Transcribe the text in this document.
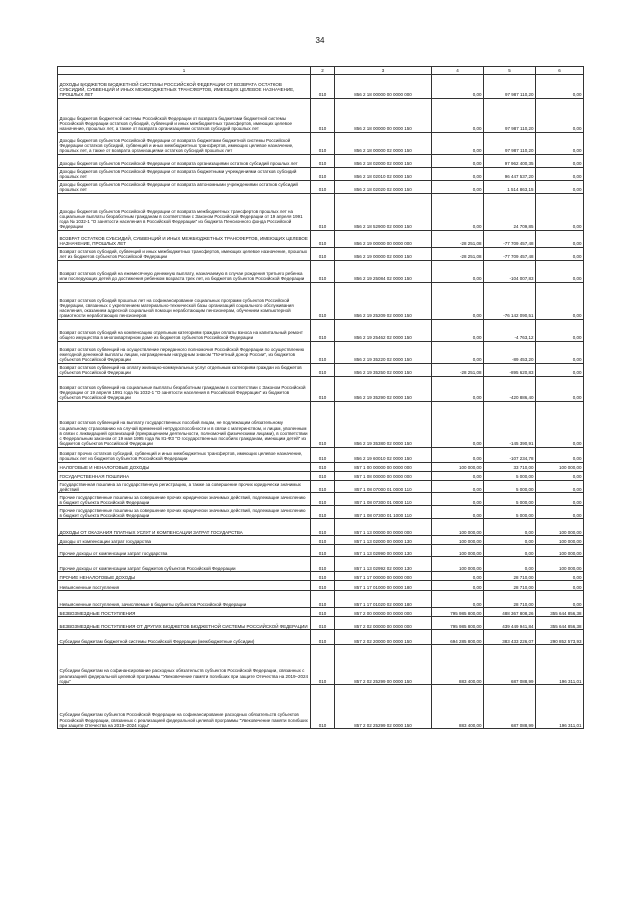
34
1	2	3	4	5	6
ДОХОДЫ БЮДЖЕТОВ БЮДЖЕТНОЙ СИСТЕМЫ РОССИЙСКОЙ ФЕДЕРАЦИИ ОТ ВОЗВРАТА ОСТАТКОВ СУБСИДИЙ, СУБВЕНЦИЙ И ИНЫХ МЕЖБЮДЖЕТНЫХ ТРАНСФЕРТОВ, ИМЕЮЩИХ ЦЕЛЕВОЕ НАЗНАЧЕНИЕ, ПРОШЛЫХ ЛЕТ	010	856 2 18 00000 00 0000 000	0,00	97 987 110,20	0,00
Доходы бюджетов бюджетной системы Российской Федерации от возврата бюджетами бюджетной системы Российской Федерации остатков субсидий, субвенций и иных межбюджетных трансфертов, имеющих целевое назначение, прошлых лет, а также от возврата организациями остатков субсидий прошлых лет	010	856 2 18 00000 00 0000 150	0,00	97 987 110,20	0,00
Доходы бюджетов субъектов Российской Федерации от возврата бюджетами бюджетной системы Российской Федерации остатков субсидий, субвенций и иных межбюджетных трансфертов, имеющих целевое назначение, прошлых лет, а также от возврата организациями остатков субсидий прошлых лет	010	856 2 18 00000 02 0000 150	0,00	97 987 110,20	0,00
Доходы бюджетов субъектов Российской Федерации от возврата организациями остатков субсидий прошлых лет	010	856 2 18 02000 02 0000 150	0,00	97 962 400,35	0,00
Доходы бюджетов субъектов Российской Федерации от возврата бюджетными учреждениями остатков субсидий прошлых лет	010	856 2 18 02010 02 0000 150	0,00	96 447 537,20	0,00
Доходы бюджетов субъектов Российской Федерации от возврата автономными учреждениями остатков субсидий прошлых лет	010	856 2 18 02020 02 0000 150	0,00	1 514 863,15	0,00
Доходы бюджетов субъектов Российской Федерации от возврата межбюджетных трансфертов прошлых лет на социальные выплаты безработным гражданам в соответствии с Законом Российской Федерации от 19 апреля 1991 года № 1032-1 "О занятости населения в Российской Федерации" из бюджета Пенсионного фонда Российской Федерации	010	856 2 18 52900 02 0000 150	0,00	24 709,85	0,00
ВОЗВРАТ ОСТАТКОВ СУБСИДИЙ, СУБВЕНЦИЙ И ИНЫХ МЕЖБЮДЖЕТНЫХ ТРАНСФЕРТОВ, ИМЕЮЩИХ ЦЕЛЕВОЕ НАЗНАЧЕНИЕ, ПРОШЛЫХ ЛЕТ	010	856 2 19 00000 00 0000 000	-28 251,08	-77 709 457,48	0,00
Возврат остатков субсидий, субвенций и иных межбюджетных трансфертов, имеющих целевое назначение, прошлых лет из бюджетов субъектов Российской Федерации	010	856 2 19 00000 02 0000 150	-28 251,08	-77 709 457,48	0,00
Возврат остатков субсидий на ежемесячную денежную выплату, назначаемую в случае рождения третьего ребенка или последующих детей до достижения ребенком возраста трех лет, из бюджетов субъектов Российской Федерации	010	856 2 19 25084 02 0000 150	0,00	-104 007,83	0,00
Возврат остатков субсидий прошлых лет на софинансирование социальных программ субъектов Российской Федерации, связанных с укреплением материально-технической базы организаций социального обслуживания населения, оказанием адресной социальной помощи неработающим пенсионерам, обучением компьютерной грамотности неработающих пенсионеров	010	856 2 19 25209 02 0000 150	0,00	-76 142 090,51	0,00
Возврат остатков субсидий на компенсацию отдельным категориям граждан оплаты взноса на капитальный ремонт общего имущества в многоквартирном доме из бюджетов субъектов Российской Федерации	010	856 2 19 25462 02 0000 150	0,00	-4 763,12	0,00
Возврат остатков субвенций на осуществление переданного полномочия Российской Федерации по осуществлению ежегодной денежной выплаты лицам, награжденным нагрудным знаком "Почетный донор России", из бюджетов субъектов Российской Федерации	010	856 2 19 35220 02 0000 150	0,00	-89 453,20	0,00
Возврат остатков субвенций на оплату жилищно-коммунальных услуг отдельным категориям граждан из бюджетов субъектов Российской Федерации	010	856 2 19 35250 02 0000 150	-28 251,08	-895 620,83	0,00
Возврат остатков субвенций на социальные выплаты безработным гражданам в соответствии с Законом Российской Федерации от 19 апреля 1991 года № 1032-1 "О занятости населения в Российской Федерации" из бюджетов субъектов Российской Федерации	010	856 2 19 35290 02 0000 150	0,00	-420 886,40	0,00
Возврат остатков субвенций на выплату государственных пособий лицам, не подлежащим обязательному социальному страхованию на случай временной нетрудоспособности и в связи с материнством, и лицам, уволенным в связи с ликвидацией организаций (прекращением деятельности, полномочий физическими лицами), в соответствии с Федеральным законом от 19 мая 1995 года № 81-ФЗ "О государственных пособиях гражданам, имеющим детей" из бюджетов субъектов Российской Федерации	010	856 2 19 35380 02 0000 150	0,00	-145 390,91	0,00
Возврат прочих остатков субсидий, субвенций и иных межбюджетных трансфертов, имеющих целевое назначение, прошлых лет из бюджетов субъектов Российской Федерации	010	856 2 19 60010 02 0000 150	0,00	-107 234,78	0,00
НАЛОГОВЫЕ И НЕНАЛОГОВЫЕ ДОХОДЫ	010	857 1 00 00000 00 0000 000	100 000,00	33 710,00	100 000,00
ГОСУДАРСТВЕННАЯ ПОШЛИНА	010	857 1 08 00000 00 0000 000	0,00	5 000,00	0,00
Государственная пошлина за государственную регистрацию, а также за совершение прочих юридически значимых действий	010	857 1 08 07000 01 0000 110	0,00	5 000,00	0,00
Прочие государственные пошлины за совершение прочих юридически значимых действий, подлежащие зачислению в бюджет субъекта Российской Федерации	010	857 1 08 07300 01 0000 110	0,00	5 000,00	0,00
Прочие государственные пошлины за совершение прочих юридически значимых действий, подлежащие зачислению в бюджет субъекта Российской Федерации	010	857 1 08 07300 01 1000 110	0,00	5 000,00	0,00
ДОХОДЫ ОТ ОКАЗАНИЯ ПЛАТНЫХ УСЛУГ И КОМПЕНСАЦИИ ЗАТРАТ ГОСУДАРСТВА	010	857 1 13 00000 00 0000 000	100 000,00	0,00	100 000,00
Доходы от компенсации затрат государства	010	857 1 13 02000 00 0000 130	100 000,00	0,00	100 000,00
Прочие доходы от компенсации затрат государства	010	857 1 13 02990 00 0000 130	100 000,00	0,00	100 000,00
Прочие доходы от компенсации затрат бюджетов субъектов Российской Федерации	010	857 1 13 02992 02 0000 130	100 000,00	0,00	100 000,00
ПРОЧИЕ НЕНАЛОГОВЫЕ ДОХОДЫ	010	857 1 17 00000 00 0000 000	0,00	28 710,00	0,00
Невыясненные поступления	010	857 1 17 01000 00 0000 180	0,00	28 710,00	0,00
Невыясненные поступления, зачисляемые в бюджеты субъектов Российской Федерации	010	857 1 17 01020 02 0000 180	0,00	28 710,00	0,00
БЕЗВОЗМЕЗДНЫЕ ПОСТУПЛЕНИЯ	010	857 2 00 00000 00 0000 000	795 985 800,00	488 367 808,26	355 644 856,38
БЕЗВОЗМЕЗДНЫЕ ПОСТУПЛЕНИЯ ОТ ДРУГИХ БЮДЖЕТОВ БЮДЖЕТНОЙ СИСТЕМЫ РОССИЙСКОЙ ФЕДЕРАЦИИ	010	857 2 02 00000 00 0000 000	795 985 800,00	439 449 941,84	355 644 856,38
Субсидии бюджетам бюджетной системы Российской Федерации (межбюджетные субсидии)	010	857 2 02 20000 00 0000 150	694 285 800,00	383 433 226,07	290 852 573,93
Субсидии бюджетам на софинансирование расходных обязательств субъектов Российской Федерации, связанных с реализацией федеральной целевой программы "Увековечение памяти погибших при защите Отечества на 2019–2024 годы"	010	857 2 02 25299 00 0000 150	883 400,00	687 088,99	196 311,01
Субсидии бюджетам субъектов Российской Федерации на софинансирование расходных обязательств субъектов Российской Федерации, связанных с реализацией федеральной целевой программы "Увековечение памяти погибших при защите Отечества на 2019–2024 годы"	010	857 2 02 25299 02 0000 150	883 400,00	687 088,99	196 311,01
